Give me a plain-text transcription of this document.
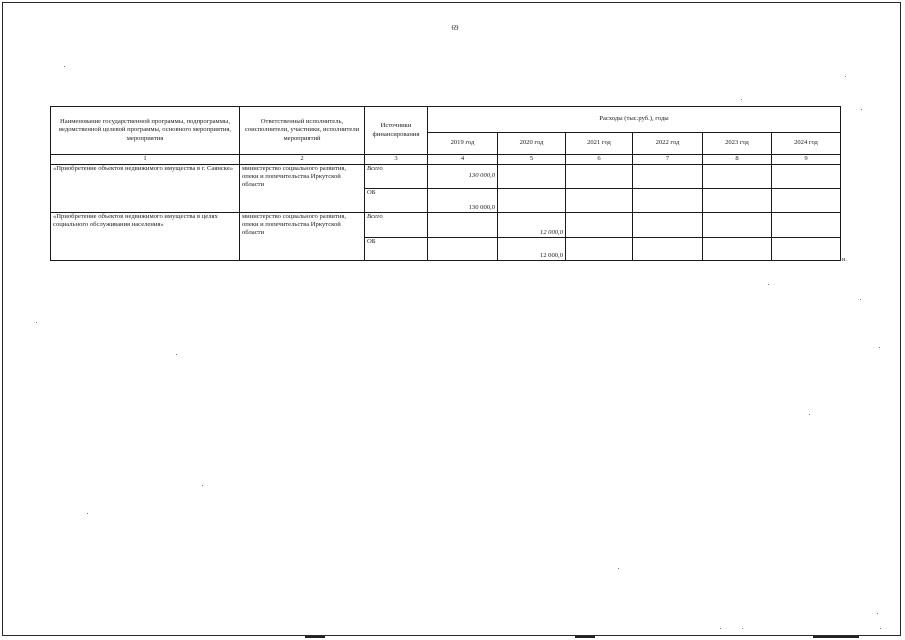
69
Наименование государственной программы, подпрограммы, ведомственной целевой программы, основного мероприятия, мероприятия	Ответственный исполнитель, соисполнители, участники, исполнители мероприятий	Источники финансирования	Расходы (тыс.руб.), годы					
			2019 год	2020 год	2021 год	2022 год	2023 год	2024 год
1	2	3	4	5	6	7	8	9
«Приобретение объектов недвижимого имущества в г. Саянске»	министерство социального развития, опеки и попечительства Иркутской области	Всего	130 000,0					
		ОБ	130 000,0					
«Приобретение объектов недвижимого имущества в целях социального обслуживания населения»	министерство социального развития, опеки и попечительства Иркутской области	Всего		12 000,0				
		ОБ		12 000,0				
и.
